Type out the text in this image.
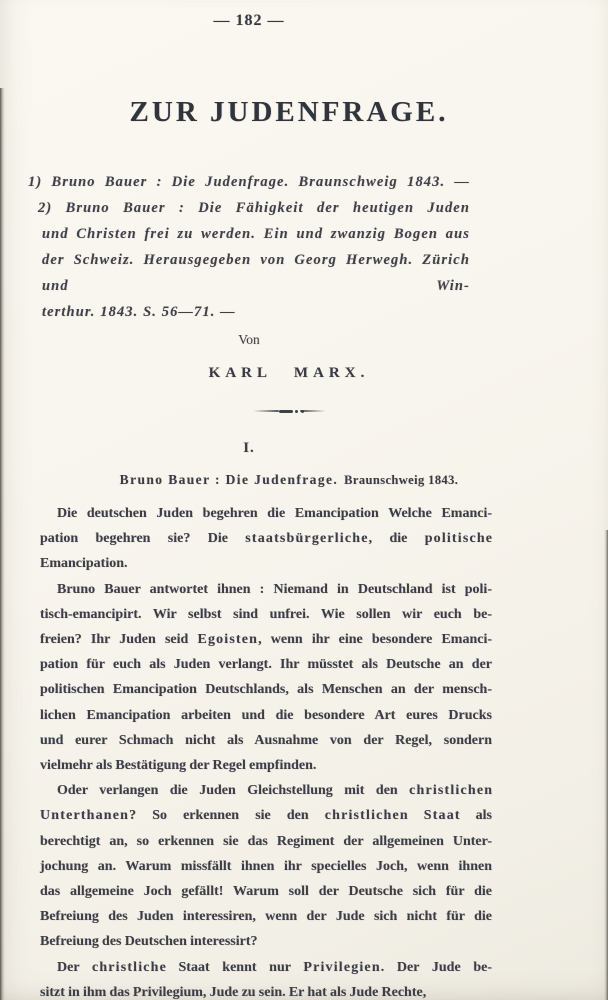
— 182 —
ZUR JUDENFRAGE.
1) Bruno Bauer : Die Judenfrage. Braunschweig 1843. —
2) Bruno Bauer : Die Fähigkeit der heutigen Juden
und Christen frei zu werden. Ein und zwanzig Bogen aus
der Schweiz. Herausgegeben von Georg Herwegh. Zürich und Win-
terthur. 1843. S. 56—71. —
Von
KARL MARX.
I.
Bruno Bauer : Die Judenfrage. Braunschweig 1843.
Die deutschen Juden begehren die Emancipation Welche Emanci-
pation begehren sie? Die s t a a t s b ü r g e r l i c h e , die p o l i t i s c h e
Emancipation.
Bruno Bauer antwortet ihnen : Niemand in Deutschland ist poli-
tisch-emancipirt. Wir selbst sind unfrei. Wie sollen wir euch be-
freien? Ihr Juden seid E g o i s t e n , wenn ihr eine besondere Emanci-
pation für euch als Juden verlangt. Ihr müsstet als Deutsche an der
politischen Emancipation Deutschlands, als Menschen an der mensch-
lichen Emancipation arbeiten und die besondere Art eures Drucks
und eurer Schmach nicht als Ausnahme von der Regel, sondern
vielmehr als Bestätigung der Regel empfinden.
Oder verlangen die Juden Gleichstellung mit den c h r i s t l i c h e n
U n t e r t h a n e n ? So erkennen sie den c h r i s t l i c h e n S t a a t als
berechtigt an, so erkennen sie das Regiment der allgemeinen Unter-
jochung an. Warum missfällt ihnen ihr specielles Joch, wenn ihnen
das allgemeine Joch gefällt! Warum soll der Deutsche sich für die
Befreiung des Juden interessiren, wenn der Jude sich nicht für die
Befreiung des Deutschen interessirt?
Der c h r i s t l i c h e Staat kennt nur P r i v i l e g i e n . Der Jude be-
sitzt in ihm das Privilegium, Jude zu sein. Er hat als Jude Rechte,
